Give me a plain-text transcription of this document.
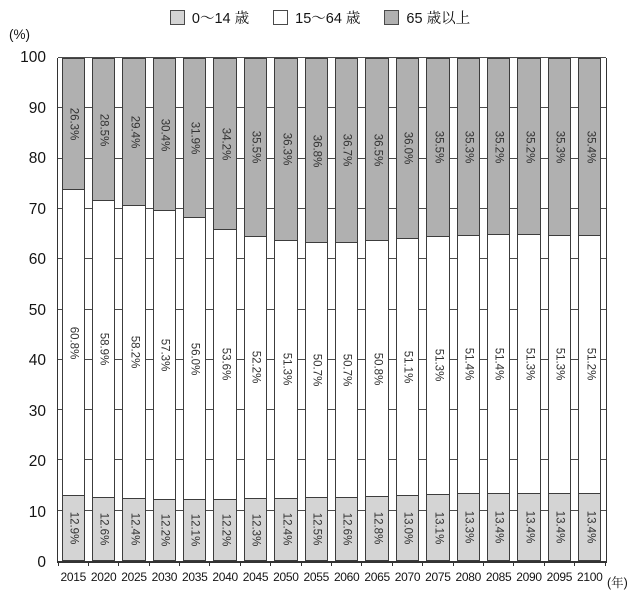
0〜14 歳	15〜64 歳	65 歳以上
(%)
26.3%
60.8%
12.9%
28.5%
58.9%
12.6%
29.4%
58.2%
12.4%
30.4%
57.3%
12.2%
31.9%
56.0%
12.1%
34.2%
53.6%
12.2%
35.5%
52.2%
12.3%
36.3%
51.3%
12.4%
36.8%
50.7%
12.5%
36.7%
50.7%
12.6%
36.5%
50.8%
12.8%
36.0%
51.1%
13.0%
35.5%
51.3%
13.1%
35.3%
51.4%
13.3%
35.2%
51.4%
13.4%
35.2%
51.3%
13.4%
35.3%
51.3%
13.4%
35.4%
51.2%
13.4%
2015 2020 2025 2030 2035 2040 2045 2050 2055 2060 2065 2070 2075 2080 2085 2090 2095 2100 (年)
100
90
80
70
60
50
40
30
20
10
0
